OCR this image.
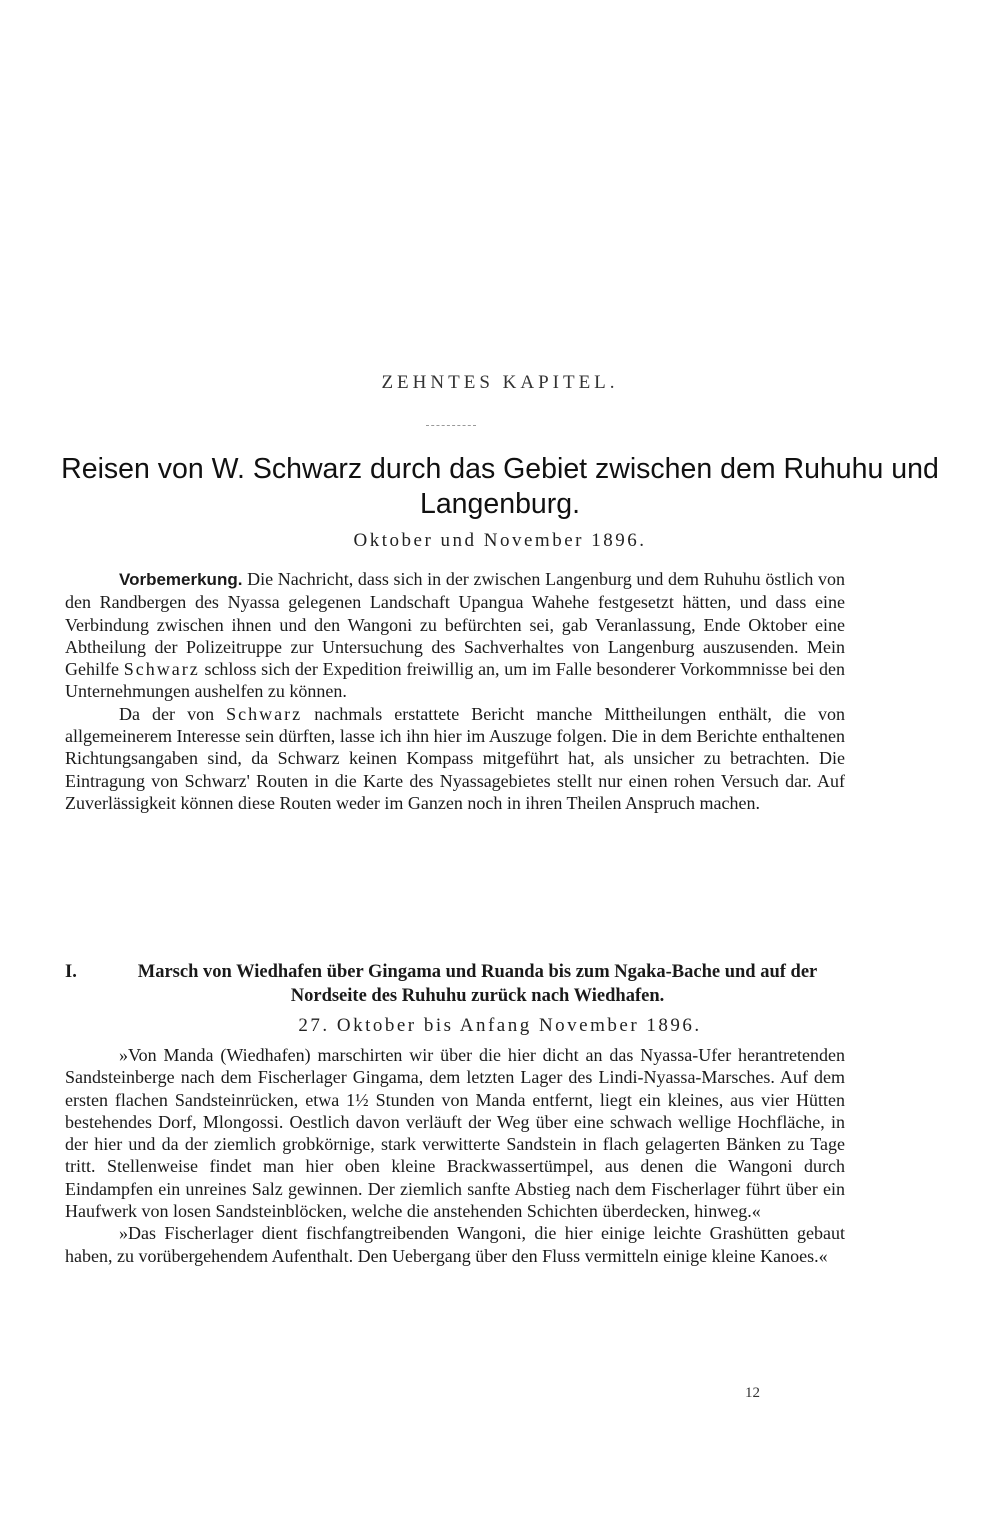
ZEHNTES KAPITEL.
Reisen von W. Schwarz durch das Gebiet zwischen dem Ruhuhu und Langenburg.
Oktober und November 1896.

Vorbemerkung. Die Nachricht, dass sich in der zwischen Langenburg und dem Ruhuhu östlich von den Randbergen des Nyassa gelegenen Landschaft Upangua Wahehe festgesetzt hätten, und dass eine Verbindung zwischen ihnen und den Wangoni zu befürchten sei, gab Veranlassung, Ende Oktober eine Abtheilung der Polizeitruppe zur Untersuchung des Sachverhaltes von Langenburg auszusenden. Mein Gehilfe Schwarz schloss sich der Expedition freiwillig an, um im Falle besonderer Vorkommnisse bei den Unternehmungen aushelfen zu können.

Da der von Schwarz nachmals erstattete Bericht manche Mittheilungen enthält, die von allgemeinerem Interesse sein dürften, lasse ich ihn hier im Auszuge folgen. Die in dem Berichte enthaltenen Richtungsangaben sind, da Schwarz keinen Kompass mitgeführt hat, als unsicher zu betrachten. Die Eintragung von Schwarz' Routen in die Karte des Nyassagebietes stellt nur einen rohen Versuch dar. Auf Zuverlässigkeit können diese Routen weder im Ganzen noch in ihren Theilen Anspruch machen.

I.	Marsch von Wiedhafen über Gingama und Ruanda bis zum Ngaka-Bache und auf der Nordseite des Ruhuhu zurück nach Wiedhafen.
27. Oktober bis Anfang November 1896.

»Von Manda (Wiedhafen) marschirten wir über die hier dicht an das Nyassa-Ufer herantretenden Sandsteinberge nach dem Fischerlager Gingama, dem letzten Lager des Lindi-Nyassa-Marsches. Auf dem ersten flachen Sandsteinrücken, etwa 1½ Stunden von Manda entfernt, liegt ein kleines, aus vier Hütten bestehendes Dorf, Mlongossi. Oestlich davon verläuft der Weg über eine schwach wellige Hochfläche, in der hier und da der ziemlich grobkörnige, stark verwitterte Sandstein in flach gelagerten Bänken zu Tage tritt. Stellenweise findet man hier oben kleine Brackwassertümpel, aus denen die Wangoni durch Eindampfen ein unreines Salz gewinnen. Der ziemlich sanfte Abstieg nach dem Fischerlager führt über ein Haufwerk von losen Sandsteinblöcken, welche die anstehenden Schichten überdecken, hinweg.«

»Das Fischerlager dient fischfangtreibenden Wangoni, die hier einige leichte Grashütten gebaut haben, zu vorübergehendem Aufenthalt. Den Uebergang über den Fluss vermitteln einige kleine Kanoes.«

12
